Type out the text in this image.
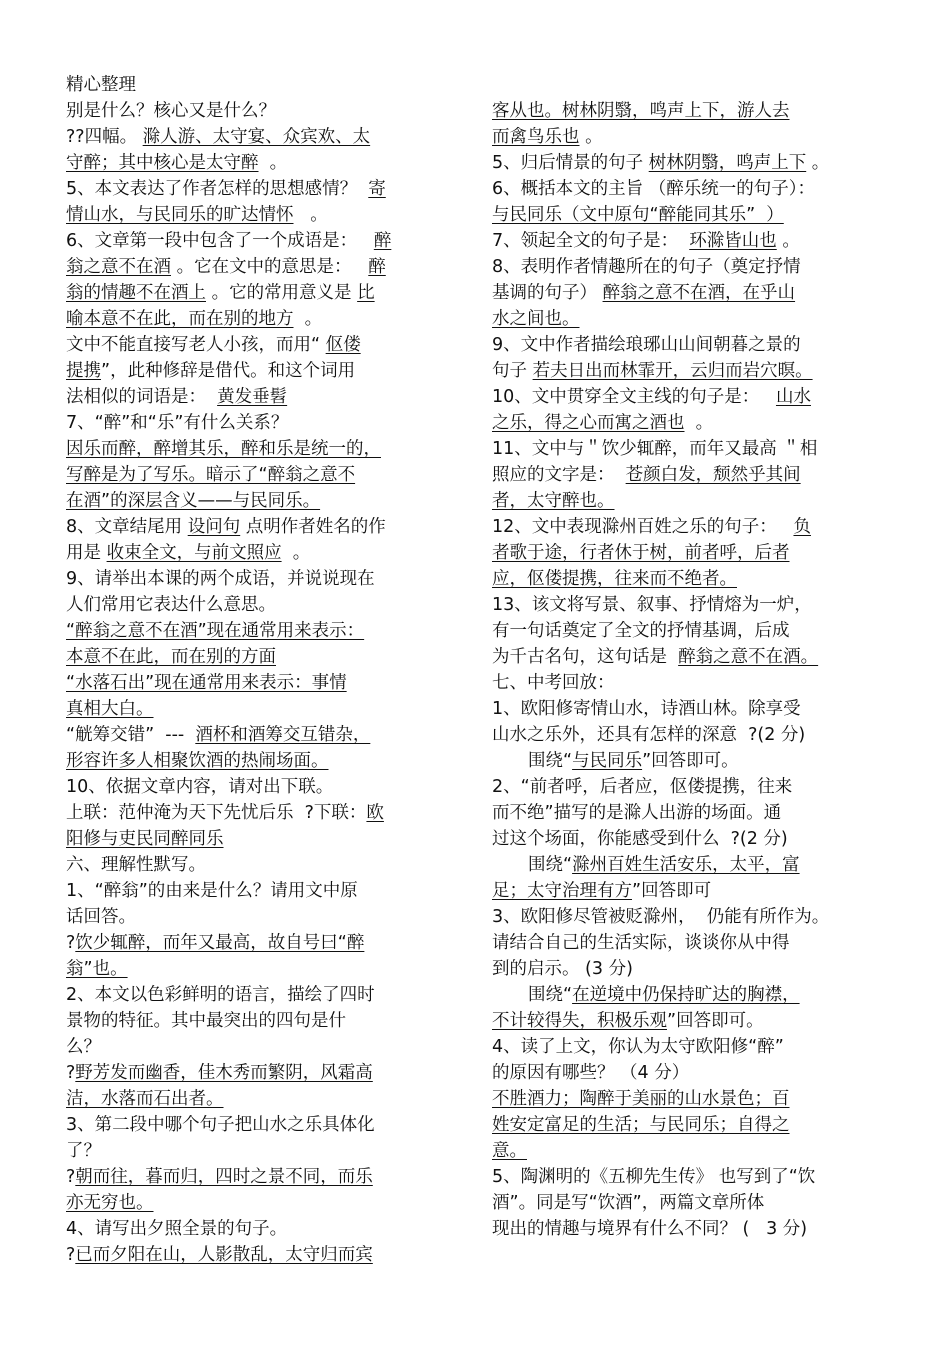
精心整理
别是什么？核心又是什么？
??四幅。 滁人游、太守宴、众宾欢、太
守醉；其中核心是太守醉  。
5、本文表达了作者怎样的思想感情？  寄
情山水，与民同乐的旷达情怀   。
6、文章第一段中包含了一个成语是：   醉
翁之意不在酒 。它在文中的意思是：   醉
翁的情趣不在酒上 。它的常用意义是 比
喻本意不在此，而在别的地方  。
文中不能直接写老人小孩，而用“ 伛偻
提携”，此种修辞是借代。和这个词用
法相似的词语是：  黄发垂髫
7、“醉”和“乐”有什么关系？
因乐而醉，醉增其乐，醉和乐是统一的，
写醉是为了写乐。暗示了“醉翁之意不
在酒”的深层含义——与民同乐。
8、文章结尾用 设问句 点明作者姓名的作
用是 收束全文，与前文照应  。
9、请举出本课的两个成语，并说说现在
人们常用它表达什么意思。
“醉翁之意不在酒”现在通常用来表示：
本意不在此，而在别的方面
“水落石出”现在通常用来表示：事情
真相大白。
“觥筹交错”  ---  酒杯和酒筹交互错杂，
形容许多人相聚饮酒的热闹场面。
10、依据文章内容，请对出下联。
上联：范仲淹为天下先忧后乐  ?下联：欧
阳修与吏民同醉同乐
六、理解性默写。
1、“醉翁”的由来是什么？请用文中原
话回答。
?饮少辄醉，而年又最高，故自号曰“醉
翁”也。
2、本文以色彩鲜明的语言，描绘了四时
景物的特征。其中最突出的四句是什
么？
?野芳发而幽香，佳木秀而繁阴，风霜高
洁，水落而石出者。
3、第二段中哪个句子把山水之乐具体化
了？
?朝而往，暮而归，四时之景不同，而乐
亦无穷也。
4、请写出夕照全景的句子。
?已而夕阳在山，人影散乱，太守归而宾
客从也。树林阴翳，鸣声上下，游人去
而禽鸟乐也 。
5、归后情景的句子 树林阴翳，鸣声上下 。
6、概括本文的主旨 （醉乐统一的句子）：
与民同乐（文中原句“醉能同其乐”  ）
7、领起全文的句子是：  环滁皆山也 。
8、表明作者情趣所在的句子（奠定抒情
基调的句子） 醉翁之意不在酒，在乎山
水之间也。
9、文中作者描绘琅琊山山间朝暮之景的
句子 若夫日出而林霏开，云归而岩穴暝。
10、文中贯穿全文主线的句子是：   山水
之乐，得之心而寓之酒也  。
11、文中与＂饮少辄醉，而年又最高 ＂相
照应的文字是：  苍颜白发，颓然乎其间
者，太守醉也。
12、文中表现滁州百姓之乐的句子：   负
者歌于途，行者休于树，前者呼，后者
应，伛偻提携，往来而不绝者。
13、该文将写景、叙事、抒情熔为一炉，
有一句话奠定了全文的抒情基调，后成
为千古名句，这句话是  醉翁之意不在酒。
七、中考回放：
1、欧阳修寄情山水，诗酒山林。除享受
山水之乐外，还具有怎样的深意  ?(2 分)
围绕“与民同乐”回答即可。
2、“前者呼，后者应，伛偻提携，往来
而不绝”描写的是滁人出游的场面。通
过这个场面，你能感受到什么  ?(2 分)
围绕“滁州百姓生活安乐，太平，富
足；太守治理有方”回答即可
3、欧阳修尽管被贬滁州，  仍能有所作为。
请结合自己的生活实际，谈谈你从中得
到的启示。 (3 分)
围绕“在逆境中仍保持旷达的胸襟，
不计较得失，积极乐观”回答即可。
4、读了上文，你认为太守欧阳修“醉”
的原因有哪些？ （4 分）
不胜酒力；陶醉于美丽的山水景色；百
姓安定富足的生活；与民同乐；自得之
意。
5、陶渊明的《五柳先生传》 也写到了“饮
酒”。同是写“饮酒”，两篇文章所体
现出的情趣与境界有什么不同？ (   3 分)
